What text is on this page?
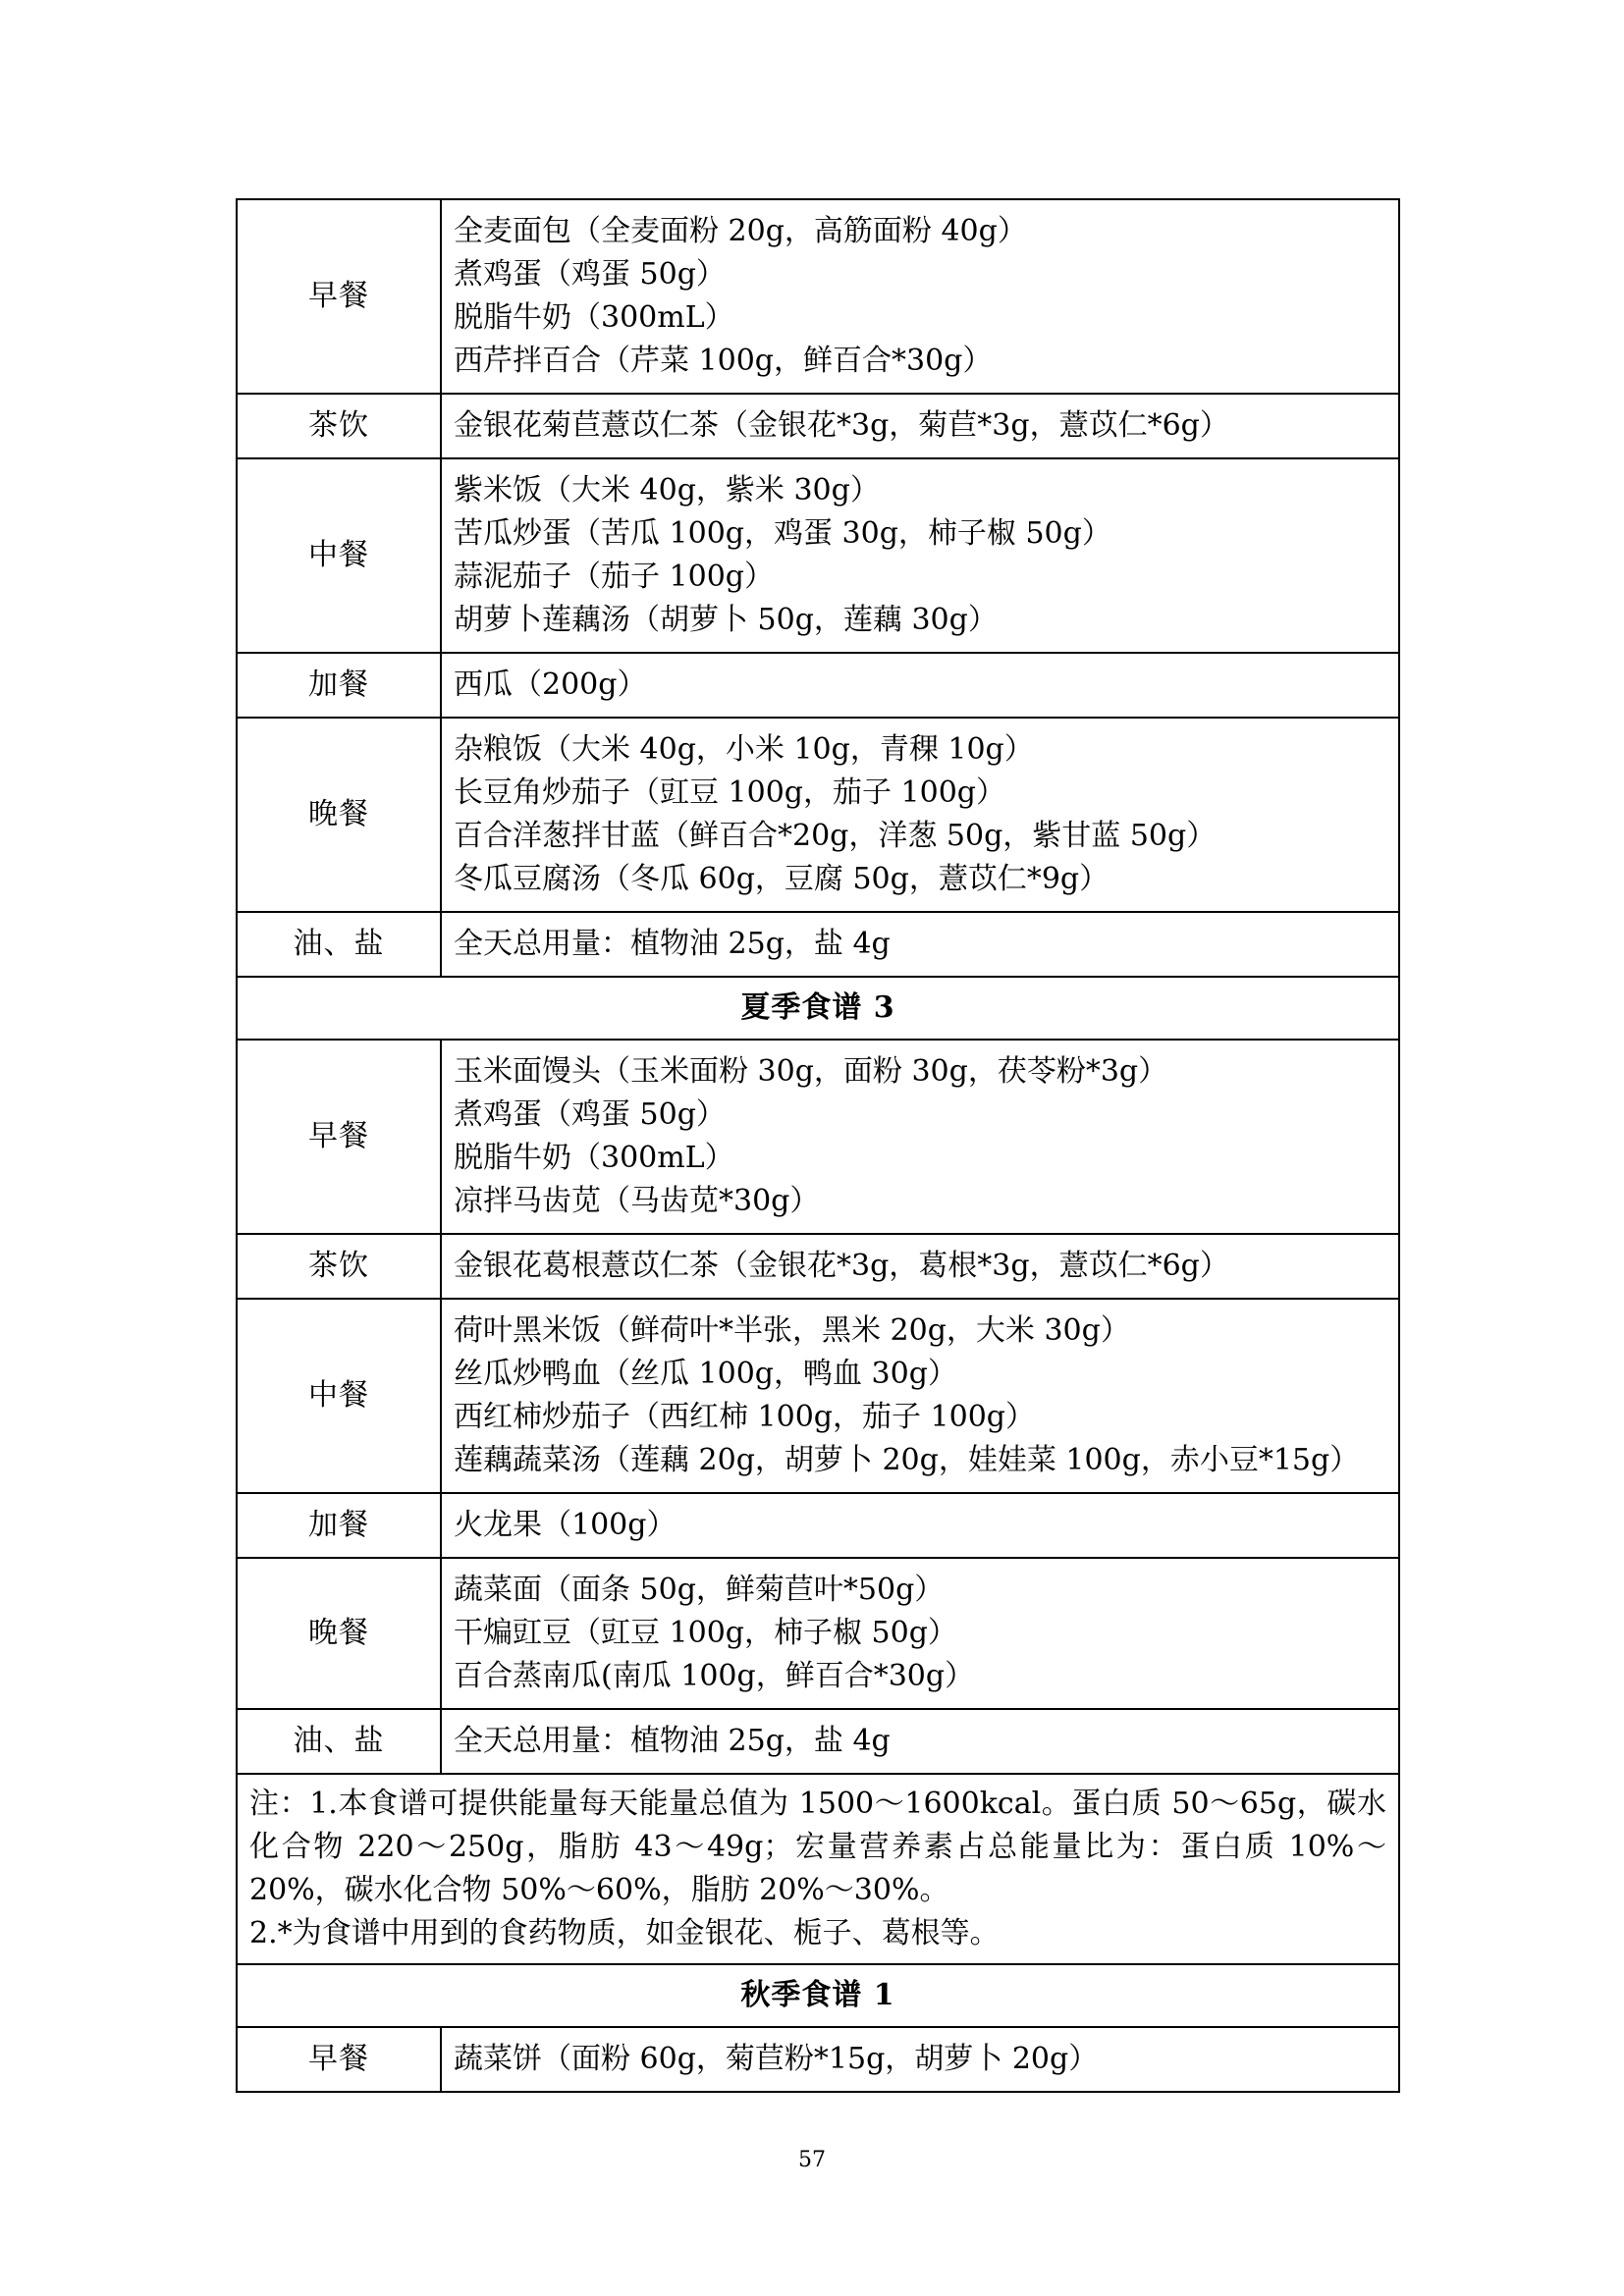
早餐	全麦面包（全麦面粉 20g，高筋面粉 40g）
煮鸡蛋（鸡蛋 50g）
脱脂牛奶（300mL）
西芹拌百合（芹菜 100g，鲜百合*30g）

茶饮	金银花菊苣薏苡仁茶（金银花*3g，菊苣*3g，薏苡仁*6g）

中餐	紫米饭（大米 40g，紫米 30g）
苦瓜炒蛋（苦瓜 100g，鸡蛋 30g，柿子椒 50g）
蒜泥茄子（茄子 100g）
胡萝卜莲藕汤（胡萝卜 50g，莲藕 30g）

加餐	西瓜（200g）

晚餐	杂粮饭（大米 40g，小米 10g，青稞 10g）
长豆角炒茄子（豇豆 100g，茄子 100g）
百合洋葱拌甘蓝（鲜百合*20g，洋葱 50g，紫甘蓝 50g）
冬瓜豆腐汤（冬瓜 60g，豆腐 50g，薏苡仁*9g）

油、盐	全天总用量：植物油 25g，盐 4g

夏季食谱 3	
早餐	玉米面馒头（玉米面粉 30g，面粉 30g，茯苓粉*3g）
煮鸡蛋（鸡蛋 50g）
脱脂牛奶（300mL）
凉拌马齿苋（马齿苋*30g）

茶饮	金银花葛根薏苡仁茶（金银花*3g，葛根*3g，薏苡仁*6g）

中餐	荷叶黑米饭（鲜荷叶*半张，黑米 20g，大米 30g）
丝瓜炒鸭血（丝瓜 100g，鸭血 30g）
西红柿炒茄子（西红柿 100g，茄子 100g）
莲藕蔬菜汤（莲藕 20g，胡萝卜 20g，娃娃菜 100g，赤小豆*15g）

加餐	火龙果（100g）

晚餐	蔬菜面（面条 50g，鲜菊苣叶*50g）
干煸豇豆（豇豆 100g，柿子椒 50g）
百合蒸南瓜(南瓜 100g，鲜百合*30g）

油、盐	全天总用量：植物油 25g，盐 4g

注：1.本食谱可提供能量每天能量总值为 1500～1600kcal。蛋白质 50～65g，碳水化合物 220～250g，脂肪 43～49g；宏量营养素占总能量比为：蛋白质 10%～20%，碳水化合物 50%～60%，脂肪 20%～30%。
2.*为食谱中用到的食药物质，如金银花、栀子、葛根等。	

秋季食谱 1	
早餐	蔬菜饼（面粉 60g，菊苣粉*15g，胡萝卜 20g）
57
